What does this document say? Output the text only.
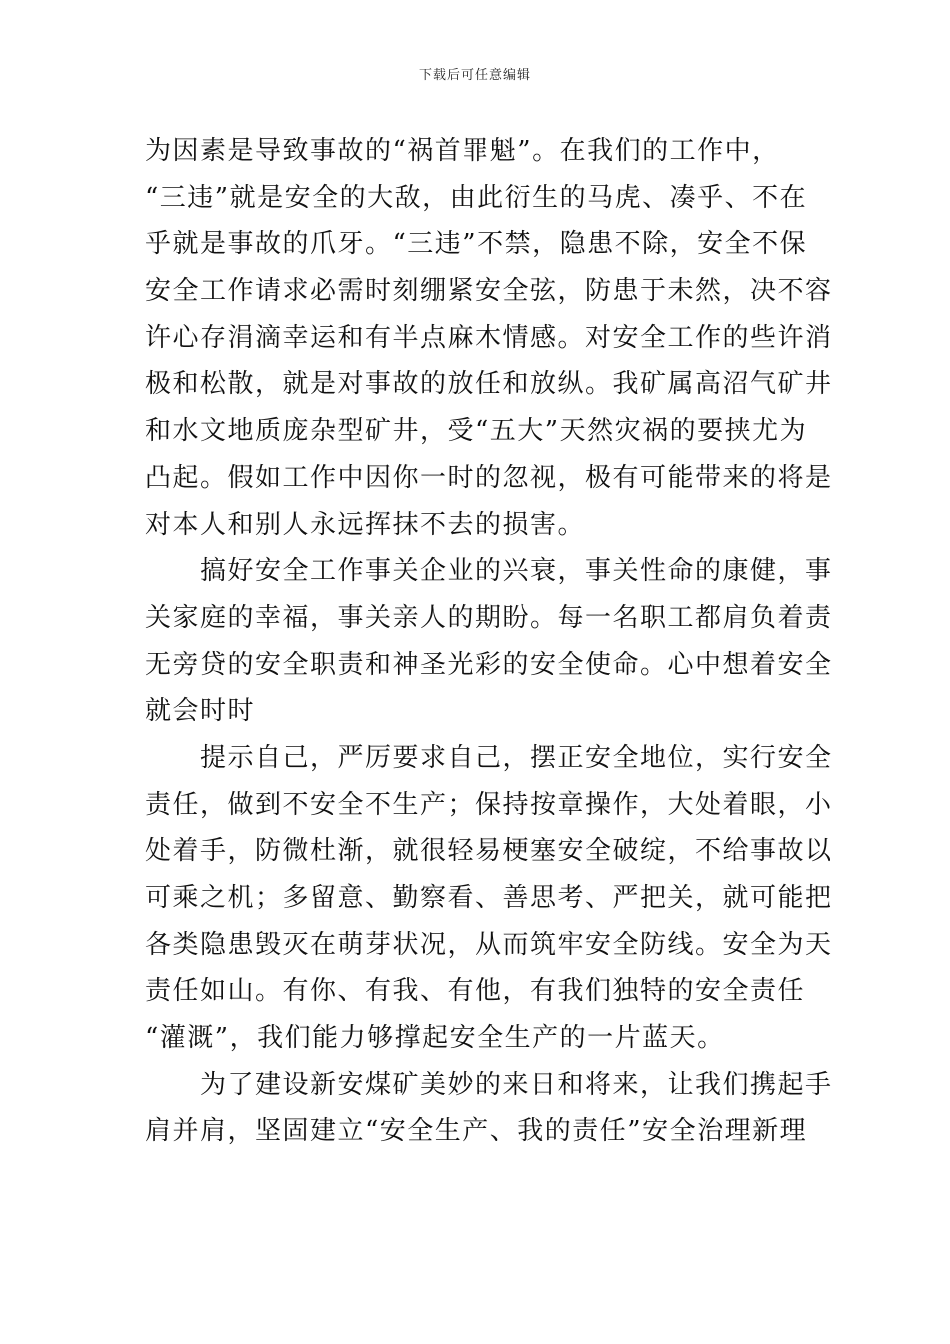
下载后可任意编辑
为因素是导致事故的“祸首罪魁”。在我们的工作中，
“三违”就是安全的大敌，由此衍生的马虎、凑乎、不在
乎就是事故的爪牙。“三违”不禁，隐患不除，安全不保
安全工作请求必需时刻绷紧安全弦，防患于未然，决不容
许心存涓滴幸运和有半点麻木情感。对安全工作的些许消
极和松散，就是对事故的放任和放纵。我矿属高沼气矿井
和水文地质庞杂型矿井，受“五大”天然灾祸的要挟尤为
凸起。假如工作中因你一时的忽视，极有可能带来的将是
对本人和别人永远挥抹不去的损害。
　　搞好安全工作事关企业的兴衰，事关性命的康健，事
关家庭的幸福，事关亲人的期盼。每一名职工都肩负着责
无旁贷的安全职责和神圣光彩的安全使命。心中想着安全
就会时时
　　提示自己，严厉要求自己，摆正安全地位，实行安全
责任，做到不安全不生产；保持按章操作，大处着眼，小
处着手，防微杜渐，就很轻易梗塞安全破绽，不给事故以
可乘之机；多留意、勤察看、善思考、严把关，就可能把
各类隐患毁灭在萌芽状况，从而筑牢安全防线。安全为天
责任如山。有你、有我、有他，有我们独特的安全责任
“灌溉”，我们能力够撑起安全生产的一片蓝天。
　　为了建设新安煤矿美妙的来日和将来，让我们携起手
肩并肩，坚固建立“安全生产、我的责任”安全治理新理
